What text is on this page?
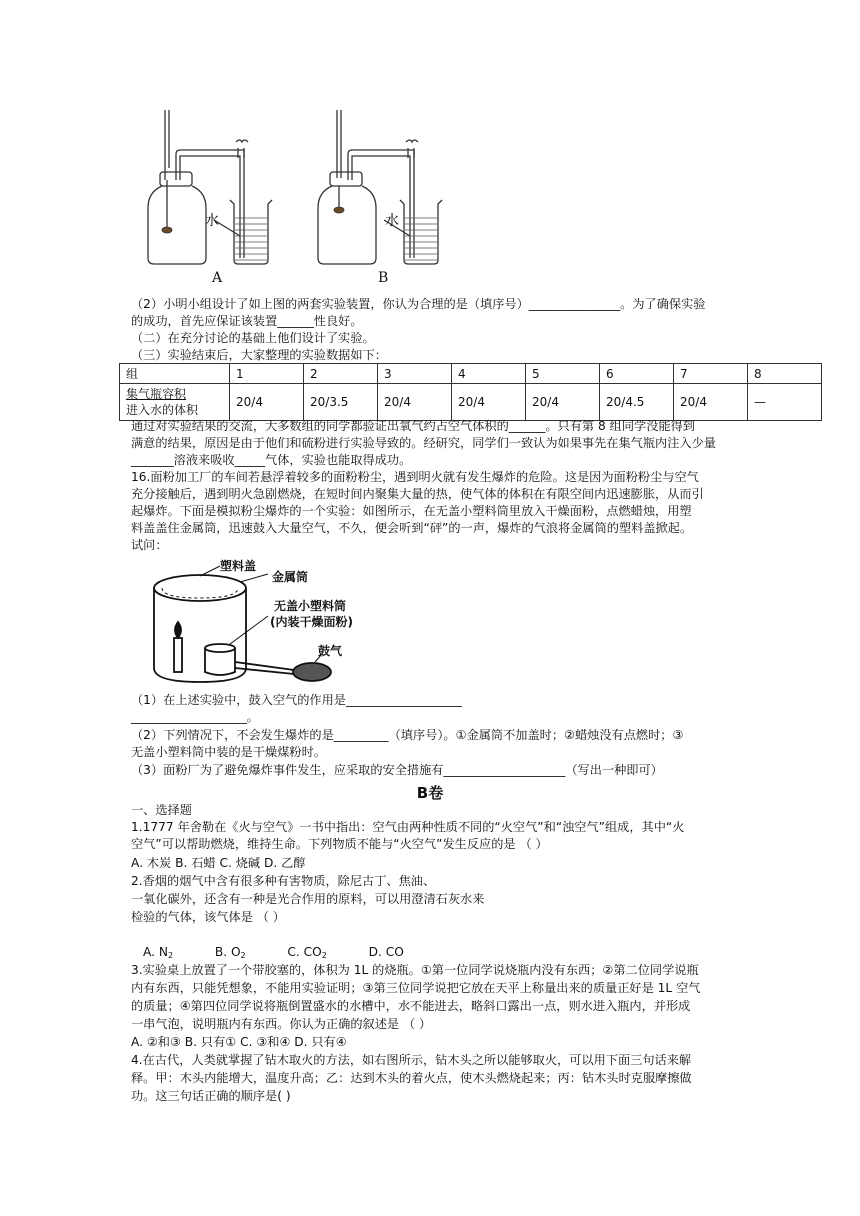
水
A
水
B
（2）小明小组设计了如上图的两套实验装置，你认为合理的是（填序号）_______________。为了确保实验
的成功，首先应保证该装置______性良好。
（二）在充分讨论的基础上他们设计了实验。
（三）实验结束后，大家整理的实验数据如下：
组	1	2	3	4	5	6	7	8

集气瓶容积
进入水的体积	20/4	20/3.5	20/4	20/4	20/4	20/4.5	20/4	—
通过对实验结果的交流，大多数组的同学都验证出氧气约占空气体积的______。只有第 8 组同学没能得到
满意的结果，原因是由于他们和硫粉进行实验导致的。经研究，同学们一致认为如果事先在集气瓶内注入少量
_______溶液来吸收_____气体，实验也能取得成功。
16.面粉加工厂的车间若悬浮着较多的面粉粉尘，遇到明火就有发生爆炸的危险。这是因为面粉粉尘与空气
充分接触后，遇到明火急剧燃烧，在短时间内聚集大量的热，使气体的体积在有限空间内迅速膨胀，从而引
起爆炸。下面是模拟粉尘爆炸的一个实验：如图所示，在无盖小塑料筒里放入干燥面粉，点燃蜡烛，用塑
料盖盖住金属筒，迅速鼓入大量空气，不久，便会听到“砰”的一声，爆炸的气浪将金属筒的塑料盖掀起。
试问：
塑料盖
金属筒
无盖小塑料筒
(内装干燥面粉)
鼓气
（1）在上述实验中，鼓入空气的作用是___________________
___________________。
（2）下列情况下，不会发生爆炸的是_________（填序号）。①金属筒不加盖时；②蜡烛没有点燃时；③
无盖小塑料筒中装的是干燥煤粉时。
（3）面粉厂为了避免爆炸事件发生，应采取的安全措施有____________________（写出一种即可）
B卷
一、选择题
1.1777 年舍勒在《火与空气》一书中指出：空气由两种性质不同的“火空气”和“浊空气”组成，其中“火
空气”可以帮助燃烧，维持生命。下列物质不能与“火空气”发生反应的是 （ ）
A. 木炭 B. 石蜡 C. 烧碱 D. 乙醇
2.香烟的烟气中含有很多种有害物质，除尼古丁、焦油、
一氧化碳外，还含有一种是光合作用的原料，可以用澄清石灰水来
检验的气体，该气体是 （ ）
A. $N_2$	B. $O_2$	C. $CO_2$	D. CO
3.实验桌上放置了一个带胶塞的，体积为 1L 的烧瓶。①第一位同学说烧瓶内没有东西；②第二位同学说瓶
内有东西，只能凭想象，不能用实验证明；③第三位同学说把它放在天平上称量出来的质量正好是 1L 空气
的质量；④第四位同学说将瓶倒置盛水的水槽中，水不能进去，略斜口露出一点，则水进入瓶内，并形成
一串气泡，说明瓶内有东西。你认为正确的叙述是 （ ）
A. ②和③ B. 只有① C. ③和④ D. 只有④
4.在古代，人类就掌握了钻木取火的方法，如右图所示，钻木头之所以能够取火，可以用下面三句话来解
释。甲：木头内能增大，温度升高；乙：达到木头的着火点，使木头燃烧起来；丙：钻木头时克服摩擦做
功。这三句话正确的顺序是( )
